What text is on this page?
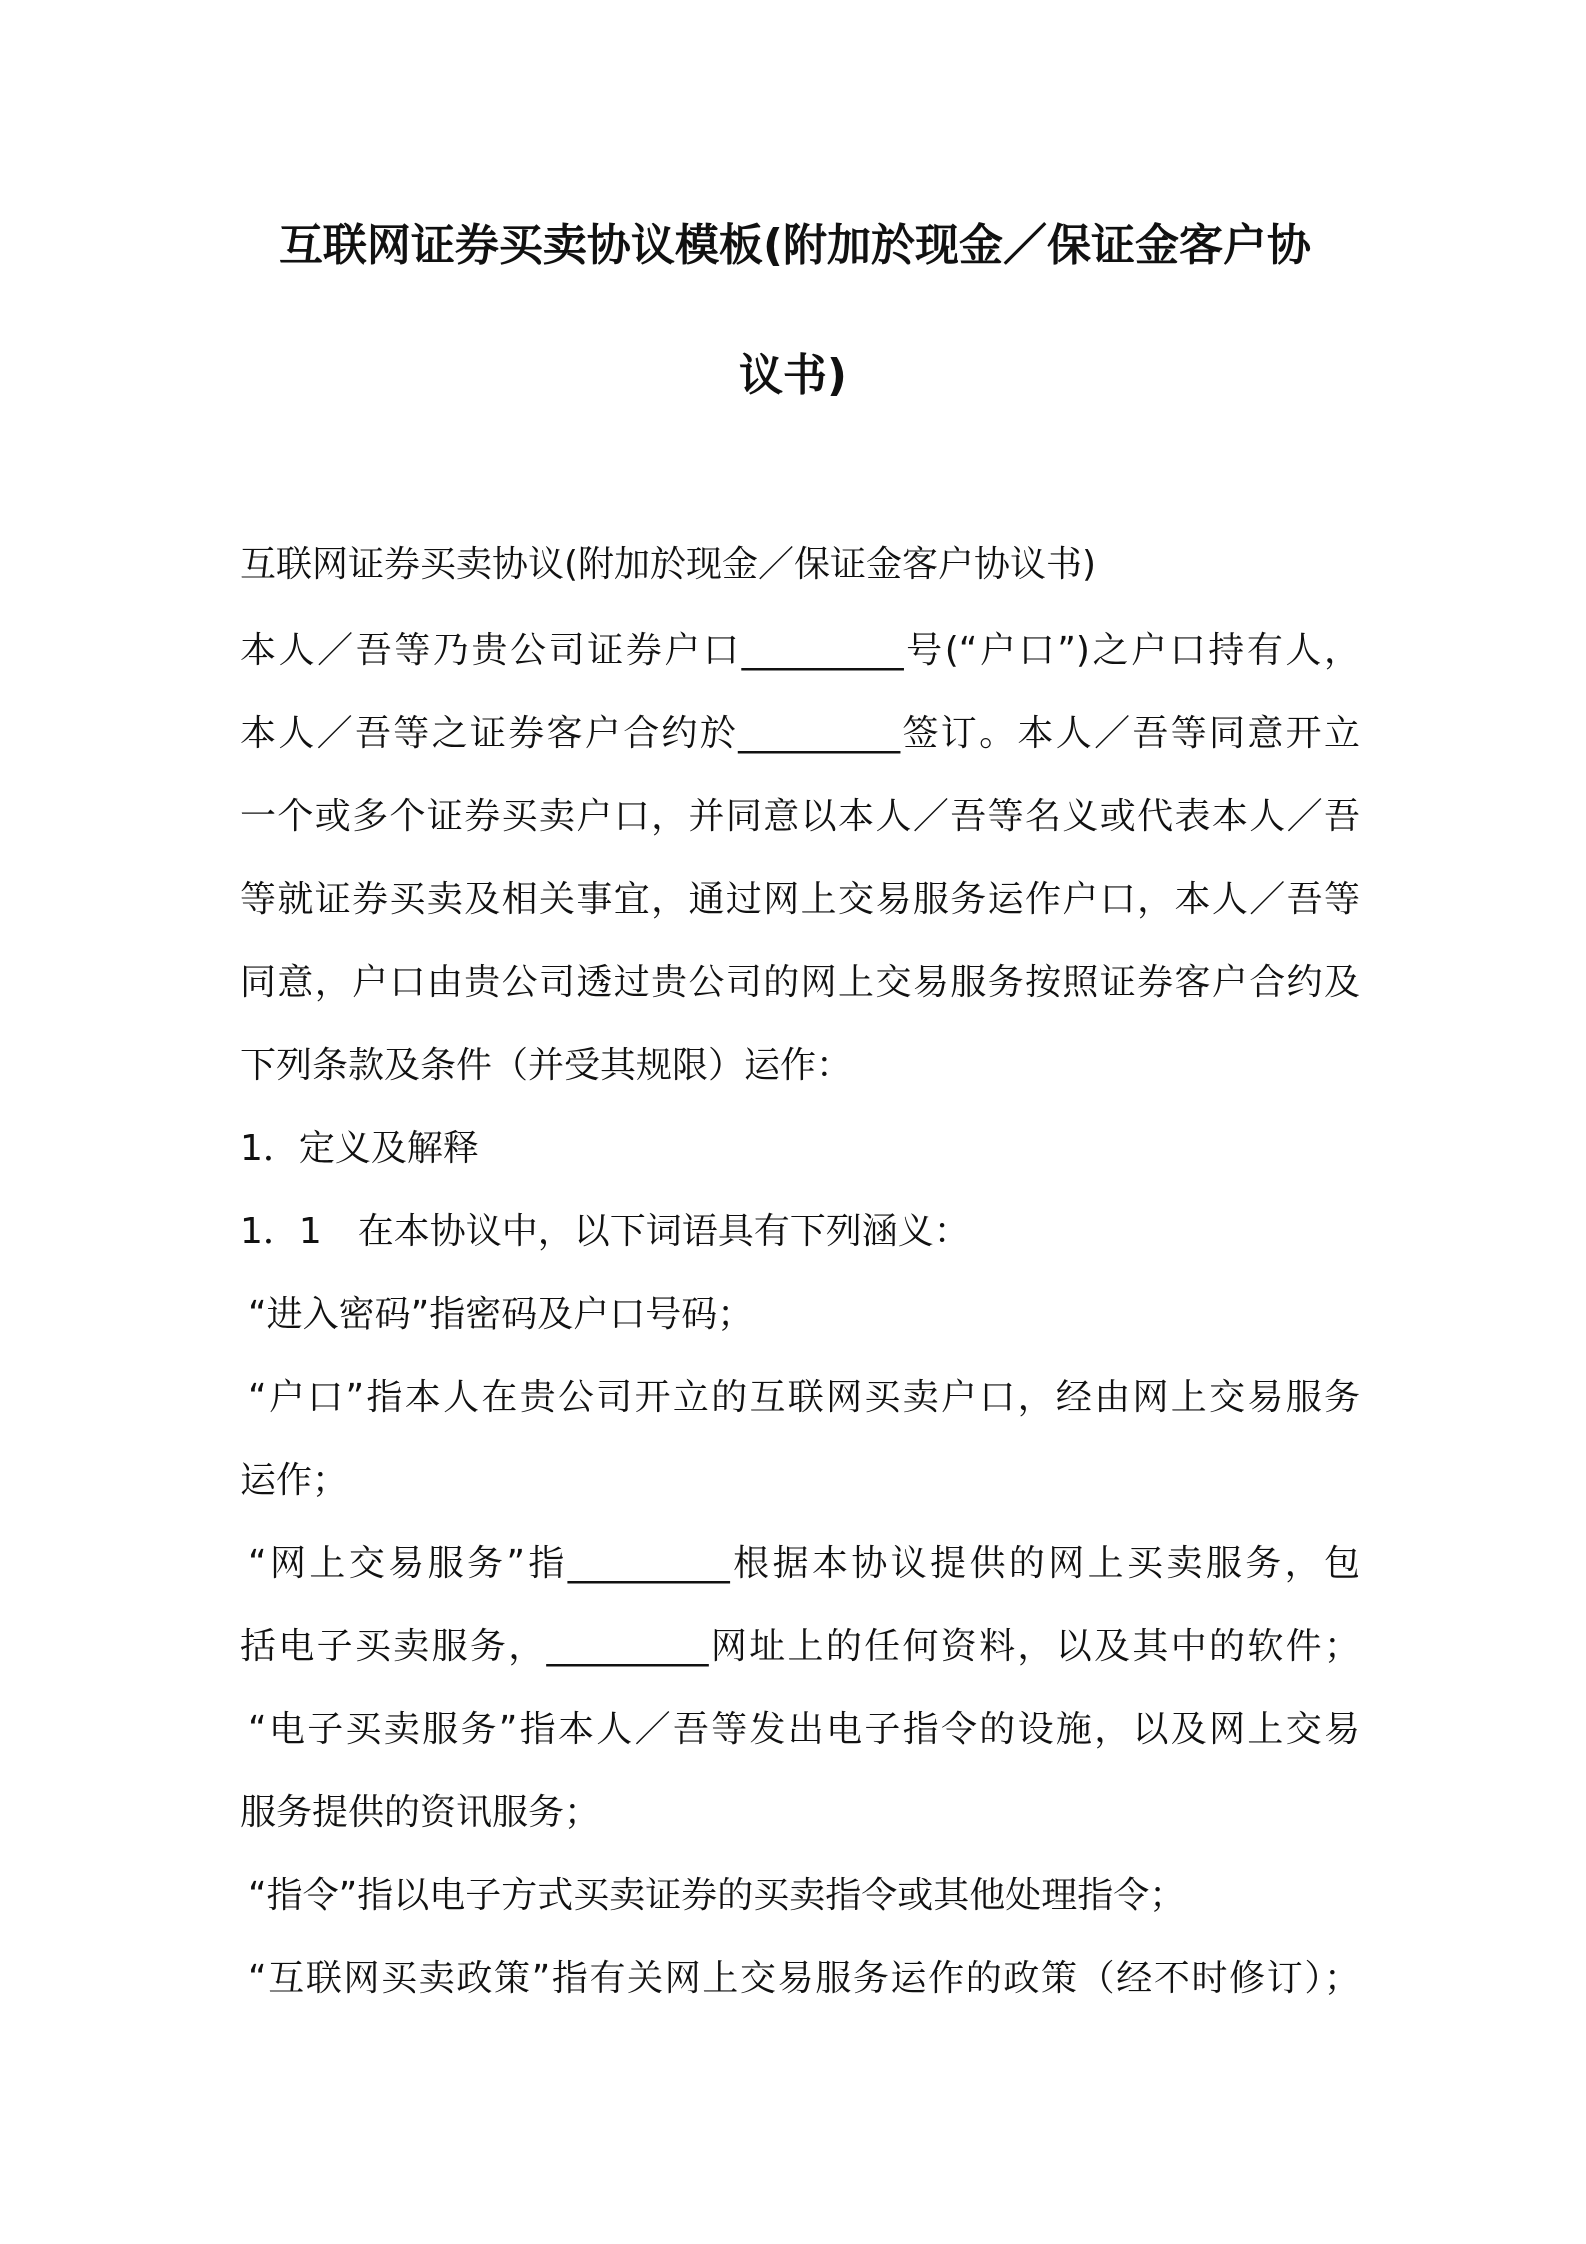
互联网证券买卖协议模板(附加於现金／保证金客户协
议书)

互联网证券买卖协议(附加於现金／保证金客户协议书)

本人／吾等乃贵公司证券户口_________号(“户口”)之户口持有人，

本人／吾等之证券客户合约於_________签订。本人／吾等同意开立

一个或多个证券买卖户口，并同意以本人／吾等名义或代表本人／吾

等就证券买卖及相关事宜，通过网上交易服务运作户口，本人／吾等

同意，户口由贵公司透过贵公司的网上交易服务按照证券客户合约及

下列条款及条件（并受其规限）运作：

1．定义及解释

1．1　在本协议中，以下词语具有下列涵义：

“进入密码”指密码及户口号码；

“户口”指本人在贵公司开立的互联网买卖户口，经由网上交易服务

运作；

“网上交易服务”指_________根据本协议提供的网上买卖服务，包

括电子买卖服务，_________网址上的任何资料，以及其中的软件；

“电子买卖服务”指本人／吾等发出电子指令的设施，以及网上交易

服务提供的资讯服务；

“指令”指以电子方式买卖证券的买卖指令或其他处理指令；

“互联网买卖政策”指有关网上交易服务运作的政策（经不时修订）；
